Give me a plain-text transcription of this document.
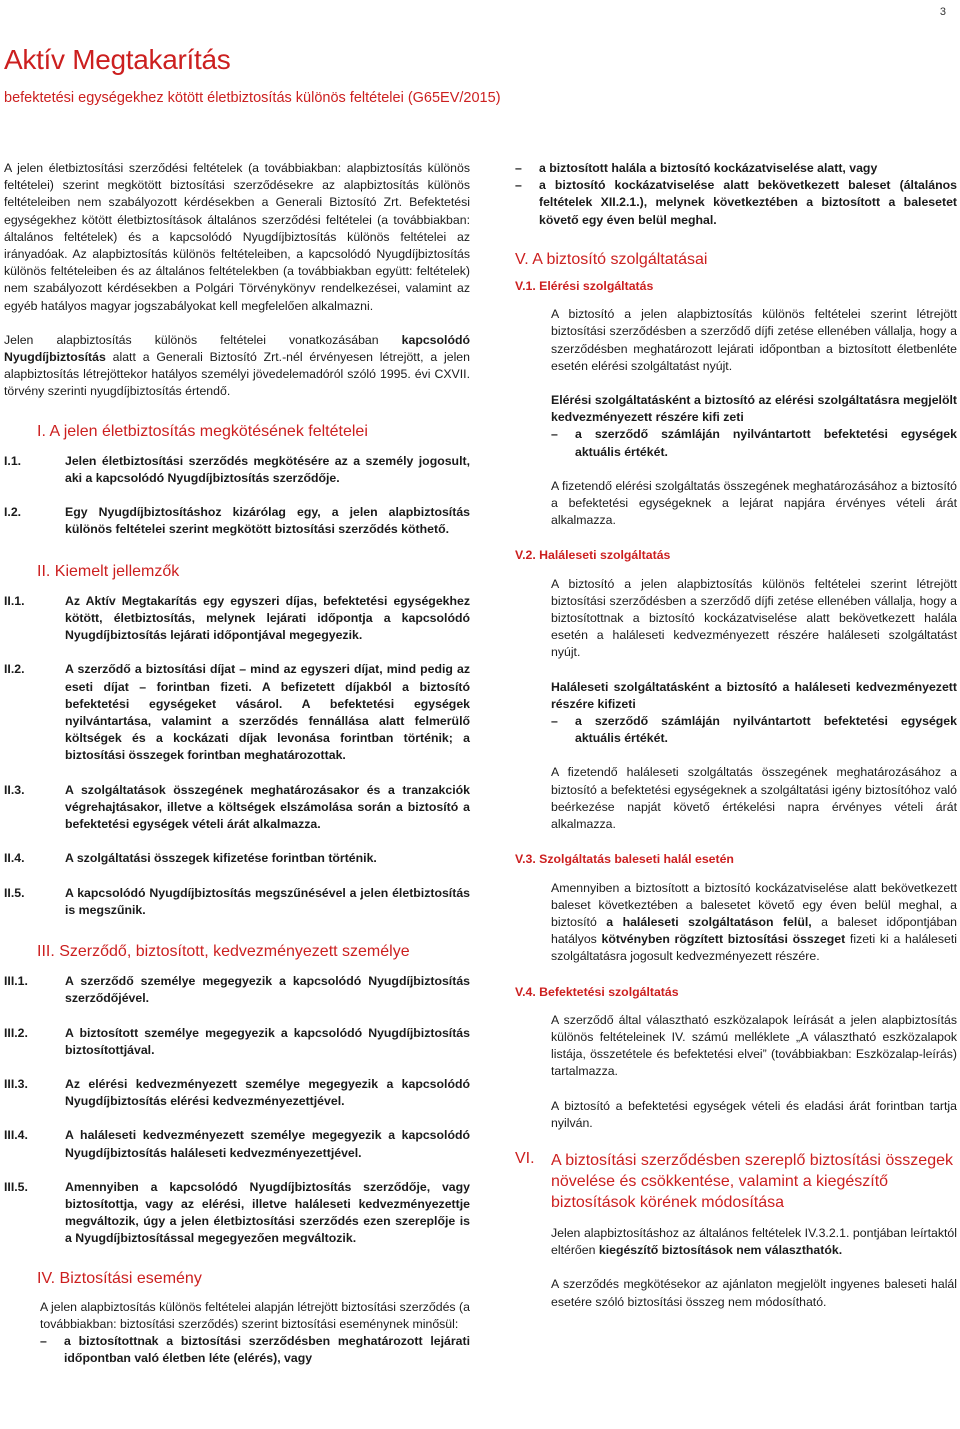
3
Aktív Megtakarítás
befektetési egységekhez kötött életbiztosítás különös feltételei (G65EV/2015)

A jelen életbiztosítási szerződési feltételek (a továbbiakban: alapbiztosítás különös feltételei) szerint megkötött biztosítási szerződésekre az alapbiztosítás különös feltételeiben nem szabályozott kérdésekben a Generali Biztosító Zrt. Befektetési egységekhez kötött életbiztosítások általános szerződési feltételei (a továbbiakban: általános feltételek) és a kapcsolódó Nyugdíjbiztosítás különös feltételei az irányadóak. Az alapbiztosítás különös feltételeiben, a kapcsolódó Nyugdíjbiztosítás különös feltételeiben és az általános feltételekben (a továbbiakban együtt: feltételek) nem szabályozott kérdésekben a Polgári Törvénykönyv rendelkezései, valamint az egyéb hatályos magyar jogszabályokat kell megfelelően alkalmazni.

Jelen alapbiztosítás különös feltételei vonatkozásában kapcsolódó Nyugdíjbiztosítás alatt a Generali Biztosító Zrt.-nél érvényesen létrejött, a jelen alapbiztosítás létrejöttekor hatályos személyi jövedelemadóról szóló 1995. évi CXVII. törvény szerinti nyugdíjbiztosítás értendő.

I. A jelen életbiztosítás megkötésének feltételei
I.1.	Jelen életbiztosítási szerződés megkötésére az a személy jogosult, aki a kapcsolódó Nyugdíjbiztosítás szerződője.
I.2.	Egy Nyugdíjbiztosításhoz kizárólag egy, a jelen alapbiztosítás különös feltételei szerint megkötött biztosítási szerződés köthető.
II. Kiemelt jellemzők
II.1.	Az Aktív Megtakarítás egy egyszeri díjas, befektetési egységekhez kötött, életbiztosítás, melynek lejárati időpontja a kapcsolódó Nyugdíjbiztosítás lejárati időpontjával megegyezik.
II.2.	A szerződő a biztosítási díjat – mind az egyszeri díjat, mind pedig az eseti díjat – forintban fizeti. A befizetett díjakból a biztosító befektetési egységeket vásárol. A befektetési egységek nyilvántartása, valamint a szerződés fennállása alatt felmerülő költségek és a kockázati díjak levonása forintban történik; a biztosítási összegek forintban meghatározottak.
II.3.	A szolgáltatások összegének meghatározásakor és a tranzakciók végrehajtásakor, illetve a költségek elszámolása során a biztosító a befektetési egységek vételi árát alkalmazza.
II.4.	A szolgáltatási összegek kifizetése forintban történik.
II.5.	A kapcsolódó Nyugdíjbiztosítás megszűnésével a jelen életbiztosítás is megszűnik.
III. Szerződő, biztosított, kedvezményezett személye
III.1.	A szerződő személye megegyezik a kapcsolódó Nyugdíjbiztosítás szerződőjével.
III.2.	A biztosított személye megegyezik a kapcsolódó Nyugdíjbiztosítás biztosítottjával.
III.3.	Az elérési kedvezményezett személye megegyezik a kapcsolódó Nyugdíjbiztosítás elérési kedvezményezettjével.
III.4.	A haláleseti kedvezményezett személye megegyezik a kapcsolódó Nyugdíjbiztosítás haláleseti kedvezményezettjével.
III.5.	Amennyiben a kapcsolódó Nyugdíjbiztosítás szerződője, vagy biztosítottja, vagy az elérési, illetve haláleseti kedvezményezettje megváltozik, úgy a jelen életbiztosítási szerződés ezen szereplője is a Nyugdíjbiztosítással megegyezően megváltozik.
IV. Biztosítási esemény

A jelen alapbiztosítás különös feltételei alapján létrejött biztosítási szerződés (a továbbiakban: biztosítási szerződés) szerint biztosítási eseménynek minősül:

–	a biztosítottnak a biztosítási szerződésben meghatározott lejárati időpontban való életben léte (elérés), vagy
–	a biztosított halála a biztosító kockázatviselése alatt, vagy
–	a biztosító kockázatviselése alatt bekövetkezett baleset (általános feltételek XII.2.1.), melynek következtében a biztosított a balesetet követő egy éven belül meghal.
V. A biztosító szolgáltatásai
V.1. Elérési szolgáltatás

A biztosító a jelen alapbiztosítás különös feltételei szerint létrejött biztosítási szerződésben a szerződő díjfi zetése ellenében vállalja, hogy a szerződésben meghatározott lejárati időpontban a biztosított életbenléte esetén elérési szolgáltatást nyújt.

Elérési szolgáltatásként a biztosító az elérési szolgáltatásra megjelölt kedvezményezett részére kifi zeti

–	a szerződő számláján nyilvántartott befektetési egységek aktuális értékét.

A fizetendő elérési szolgáltatás összegének meghatározásához a biztosító a befektetési egységeknek a lejárat napjára érvényes vételi árát alkalmazza.

V.2. Haláleseti szolgáltatás

A biztosító a jelen alapbiztosítás különös feltételei szerint létrejött biztosítási szerződésben a szerződő díjfi zetése ellenében vállalja, hogy a biztosítottnak a biztosító kockázatviselése alatt bekövetkezett halála esetén a haláleseti kedvezményezett részére haláleseti szolgáltatást nyújt.

Haláleseti szolgáltatásként a biztosító a haláleseti kedvezményezett részére kifizeti

–	a szerződő számláján nyilvántartott befektetési egységek aktuális értékét.

A fizetendő haláleseti szolgáltatás összegének meghatározásához a biztosító a befektetési egységeknek a szolgáltatási igény biztosítóhoz való beérkezése napját követő értékelési napra érvényes vételi árát alkalmazza.

V.3. Szolgáltatás baleseti halál esetén

Amennyiben a biztosított a biztosító kockázatviselése alatt bekövetkezett baleset következtében a balesetet követő egy éven belül meghal, a biztosító a haláleseti szolgáltatáson felül, a baleset időpontjában hatályos kötvényben rögzített biztosítási összeget fizeti ki a haláleseti szolgáltatásra jogosult kedvezményezett részére.

V.4. Befektetési szolgáltatás

A szerződő által választható eszközalapok leírását a jelen alapbiztosítás különös feltételeinek IV. számú melléklete „A választható eszközalapok listája, összetétele és befektetési elvei” (továbbiakban: Eszközalap-leírás) tartalmazza.

A biztosító a befektetési egységek vételi és eladási árát forintban tartja nyilván.

VI.	A biztosítási szerződésben szereplő biztosítási összegek növelése és csökkentése, valamint a kiegészítő biztosítások körének módosítása

Jelen alapbiztosításhoz az általános feltételek IV.3.2.1. pontjában leírtaktól eltérően kiegészítő biztosítások nem választhatók.

A szerződés megkötésekor az ajánlaton megjelölt ingyenes baleseti halál esetére szóló biztosítási összeg nem módosítható.
